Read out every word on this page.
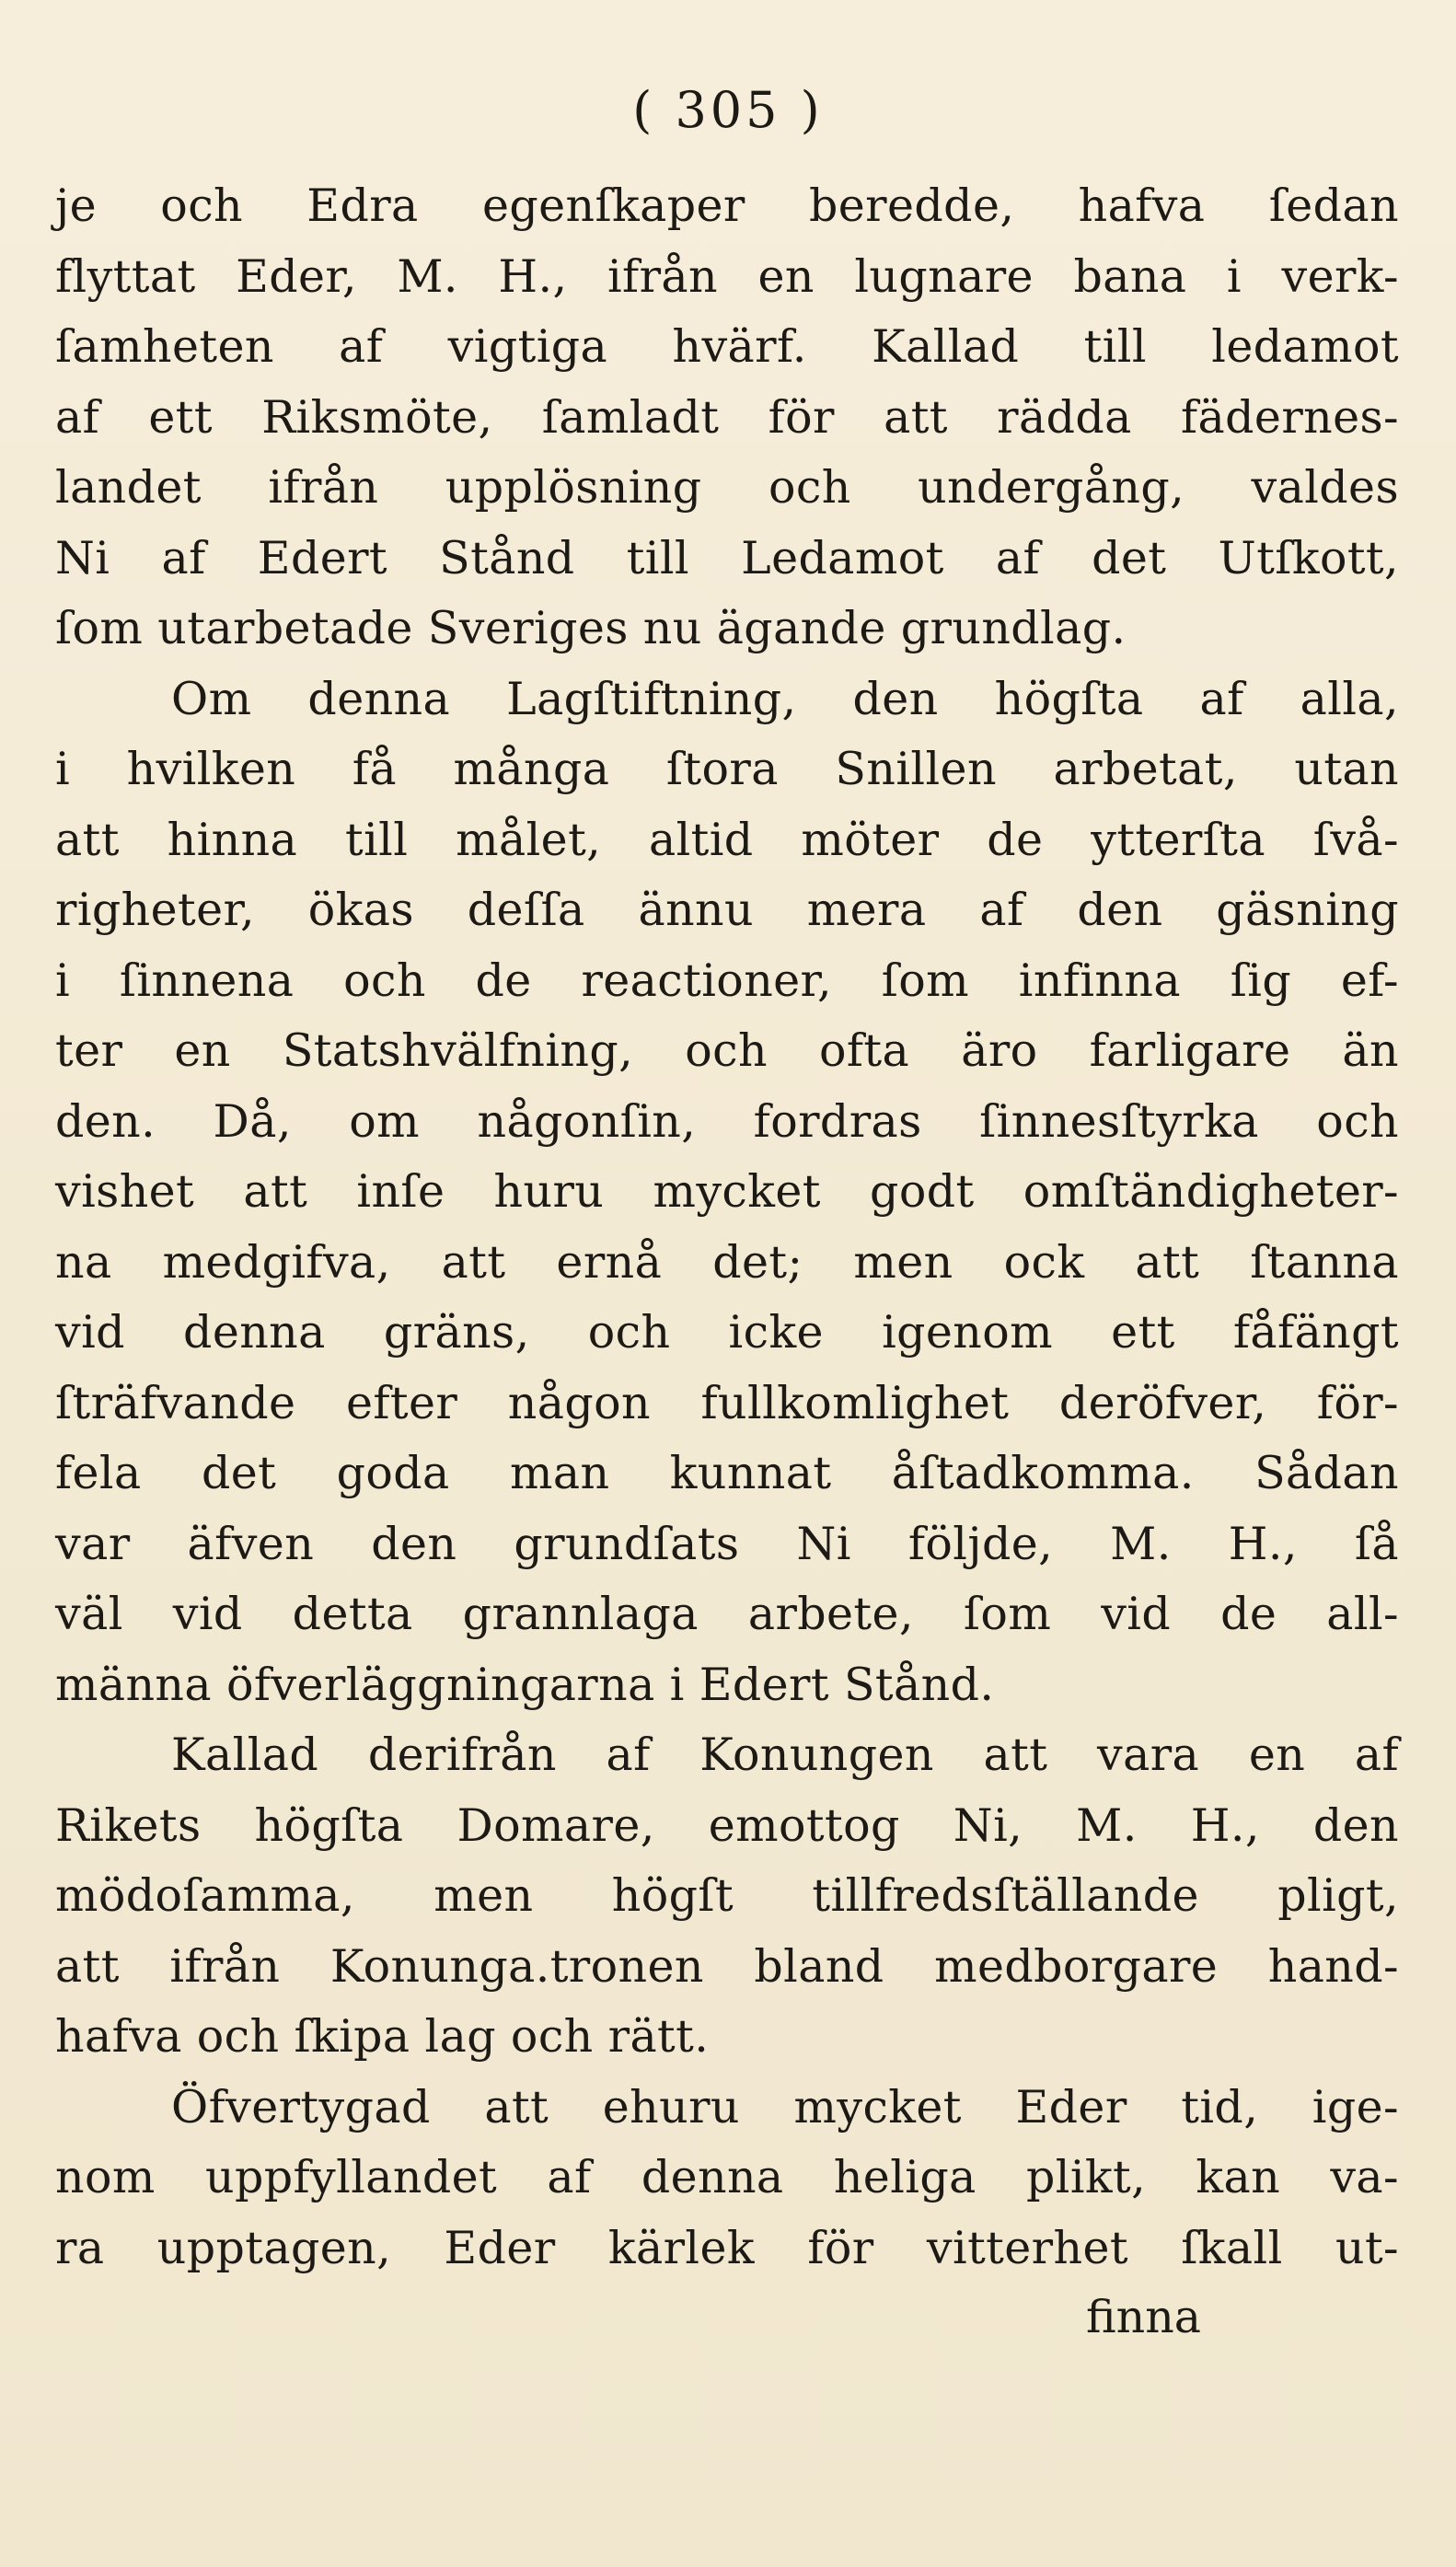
( 305 )
je och Edra egenſkaper beredde, hafva ſedan
flyttat Eder, M. H., ifrån en lugnare bana i verk-
ſamheten af vigtiga hvärf. Kallad till ledamot
af ett Riksmöte, ſamladt för att rädda fädernes-
landet ifrån upplösning och undergång, valdes
Ni af Edert Stånd till Ledamot af det Utſkott,
ſom utarbetade Sveriges nu ägande grundlag.
Om denna Lagſtiftning, den högſta af alla,
i hvilken få många ſtora Snillen arbetat, utan
att hinna till målet, altid möter de ytterſta ſvå-
righeter, ökas deſſa ännu mera af den gäsning
i ſinnena och de reactioner, ſom infinna ſig ef-
ter en Statshvälfning, och ofta äro farligare än
den. Då, om någonſin, fordras ſinnesſtyrka och
vishet att inſe huru mycket godt omſtändigheter-
na medgifva, att ernå det; men ock att ſtanna
vid denna gräns, och icke igenom ett fåfängt
ſträfvande efter någon fullkomlighet deröfver, för-
fela det goda man kunnat åſtadkomma. Sådan
var äfven den grundſats Ni följde, M. H., ſå
väl vid detta grannlaga arbete, ſom vid de all-
männa öfverläggningarna i Edert Stånd.
Kallad derifrån af Konungen att vara en af
Rikets högſta Domare, emottog Ni, M. H., den
mödoſamma, men högſt tillfredsſtällande pligt,
att ifrån Konunga.tronen bland medborgare hand-
hafva och ſkipa lag och rätt.
Öfvertygad att ehuru mycket Eder tid, ige-
nom uppfyllandet af denna heliga plikt, kan va-
ra upptagen, Eder kärlek för vitterhet ſkall ut-
finna
